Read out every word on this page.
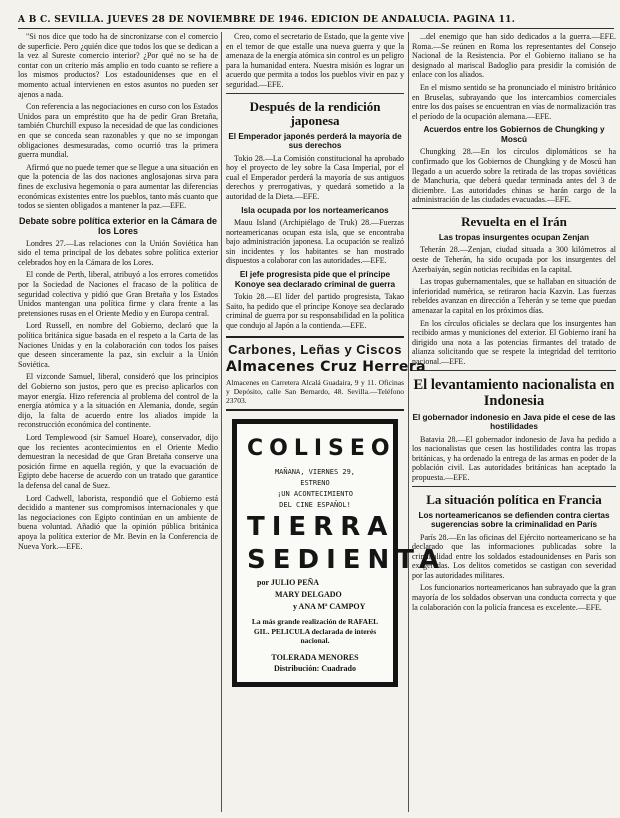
A B C. SEVILLA. JUEVES 28 DE NOVIEMBRE DE 1946. EDICION DE ANDALUCIA. PAGINA 11.

"Si nos dice que todo ha de sincronizarse con el comercio de superficie. Pero ¿quién dice que todos los que se dedican a la vez al Sureste comercio interior? ¿Por qué no se ha de contar con un criterio más amplio en todo cuanto se refiere a los mismos productos? Los estadounidenses que en el momento actual intervienen en estos asuntos no pueden ser ajenos a nada.

Con referencia a las negociaciones en curso con los Estados Unidos para un empréstito que ha de pedir Gran Bretaña, también Churchill expuso la necesidad de que las condiciones en que se conceda sean razonables y que no se impongan obligaciones desmesuradas, como ocurrió tras la primera guerra mundial.

Afirmó que no puede temer que se llegue a una situación en que la potencia de las dos naciones anglosajonas sirva para fines de exclusiva hegemonía o para aumentar las diferencias económicas existentes entre los pueblos, tanto más cuanto que todos se sienten obligados a mantener la paz.—EFE.

Debate sobre política exterior en la Cámara de los Lores

Londres 27.—Las relaciones con la Unión Soviética han sido el tema principal de los debates sobre política exterior celebrados hoy en la Cámara de los Lores.

El conde de Perth, liberal, atribuyó a los errores cometidos por la Sociedad de Naciones el fracaso de la política de seguridad colectiva y pidió que Gran Bretaña y los Estados Unidos mantengan una política firme y clara frente a las pretensiones rusas en el Oriente Medio y en Europa central.

Lord Russell, en nombre del Gobierno, declaró que la política británica sigue basada en el respeto a la Carta de las Naciones Unidas y en la colaboración con todos los países que deseen sinceramente la paz, sin excluir a la Unión Soviética.

El vizconde Samuel, liberal, consideró que los principios del Gobierno son justos, pero que es preciso aplicarlos con mayor energía. Hizo referencia al problema del control de la energía atómica y a la situación en Alemania, donde, según dijo, la falta de acuerdo entre los aliados impide la reconstrucción económica del continente.

Lord Templewood (sir Samuel Hoare), conservador, dijo que los recientes acontecimientos en el Oriente Medio demuestran la necesidad de que Gran Bretaña conserve una posición firme en aquella región, y que la evacuación de Egipto debe hacerse de acuerdo con un tratado que garantice la defensa del canal de Suez.

Lord Cadwell, laborista, respondió que el Gobierno está decidido a mantener sus compromisos internacionales y que las negociaciones con Egipto continúan en un ambiente de buena voluntad. Añadió que la opinión pública británica apoya la política exterior de Mr. Bevin en la Conferencia de Nueva York.—EFE.

Creo, como el secretario de Estado, que la gente vive en el temor de que estalle una nueva guerra y que la amenaza de la energía atómica sin control es un peligro para la humanidad entera. Nuestra misión es lograr un acuerdo que permita a todos los pueblos vivir en paz y seguridad.—EFE.

Después de la rendición japonesa
El Emperador japonés perderá la mayoría de sus derechos

Tokio 28.—La Comisión constitucional ha aprobado hoy el proyecto de ley sobre la Casa Imperial, por el cual el Emperador perderá la mayoría de sus antiguos derechos y prerrogativas, y quedará sometido a la autoridad de la Dieta.—EFE.

Isla ocupada por los norteamericanos

Mauu Island (Archipiélago de Truk) 28.—Fuerzas norteamericanas ocupan esta isla, que se encontraba bajo administración japonesa. La ocupación se realizó sin incidentes y los habitantes se han mostrado dispuestos a colaborar con las autoridades.—EFE.

El jefe progresista pide que el príncipe Konoye sea declarado criminal de guerra

Tokio 28.—El líder del partido progresista, Takao Saito, ha pedido que el príncipe Konoye sea declarado criminal de guerra por su responsabilidad en la política que condujo al Japón a la contienda.—EFE.

Carbones, Leñas y Ciscos
Almacenes Cruz Herrera
Almacenes en Carretera Alcalá Guadaira, 9 y 11. Oficinas y Depósito, calle San Bernardo, 48. Sevilla.—Teléfono 23703.
COLISEO
MAÑANA, VIERNES 29,
ESTRENO
¡UN ACONTECIMIENTO
DEL CINE ESPAÑOL!
TIERRA
SEDIENTA
por JULIO PEÑA
MARY DELGADO
y ANA Mª CAMPOY
La más grande realización de RAFAEL GIL. PELICULA declarada de interés nacional.
TOLERADA MENORES
Distribución: Cuadrado

...del enemigo que han sido dedicados a la guerra.—EFE. Roma.—Se reúnen en Roma los representantes del Consejo Nacional de la Resistencia. Por el Gobierno italiano se ha designado al mariscal Badoglio para presidir la comisión de enlace con los aliados.

En el mismo sentido se ha pronunciado el ministro británico en Bruselas, subrayando que los intercambios comerciales entre los dos países se encuentran en vías de normalización tras el período de la ocupación alemana.—EFE.

Acuerdos entre los Gobiernos de Chungking y Moscú

Chungking 28.—En los círculos diplomáticos se ha confirmado que los Gobiernos de Chungking y de Moscú han llegado a un acuerdo sobre la retirada de las tropas soviéticas de Manchuria, que deberá quedar terminada antes del 3 de diciembre. Las autoridades chinas se harán cargo de la administración de las ciudades evacuadas.—EFE.

Revuelta en el Irán
Las tropas insurgentes ocupan Zenjan

Teherán 28.—Zenjan, ciudad situada a 300 kilómetros al oeste de Teherán, ha sido ocupada por los insurgentes del Azerbaiyán, según noticias recibidas en la capital.

Las tropas gubernamentales, que se hallaban en situación de inferioridad numérica, se retiraron hacia Kazvin. Las fuerzas rebeldes avanzan en dirección a Teherán y se teme que puedan amenazar la capital en los próximos días.

En los círculos oficiales se declara que los insurgentes han recibido armas y municiones del exterior. El Gobierno iraní ha dirigido una nota a las potencias firmantes del tratado de alianza solicitando que se respete la integridad del territorio nacional.—EFE.

El levantamiento nacionalista en Indonesia
El gobernador indonesio en Java pide el cese de las hostilidades

Batavia 28.—El gobernador indonesio de Java ha pedido a los nacionalistas que cesen las hostilidades contra las tropas británicas, y ha ordenado la entrega de las armas en poder de la población civil. Las autoridades británicas han aceptado la propuesta.—EFE.

La situación política en Francia
Los norteamericanos se defienden contra ciertas sugerencias sobre la criminalidad en París

París 28.—En las oficinas del Ejército norteamericano se ha declarado que las informaciones publicadas sobre la criminalidad entre los soldados estadounidenses en París son exageradas. Los delitos cometidos se castigan con severidad por las autoridades militares.

Los funcionarios norteamericanos han subrayado que la gran mayoría de los soldados observan una conducta correcta y que la colaboración con la policía francesa es excelente.—EFE.
